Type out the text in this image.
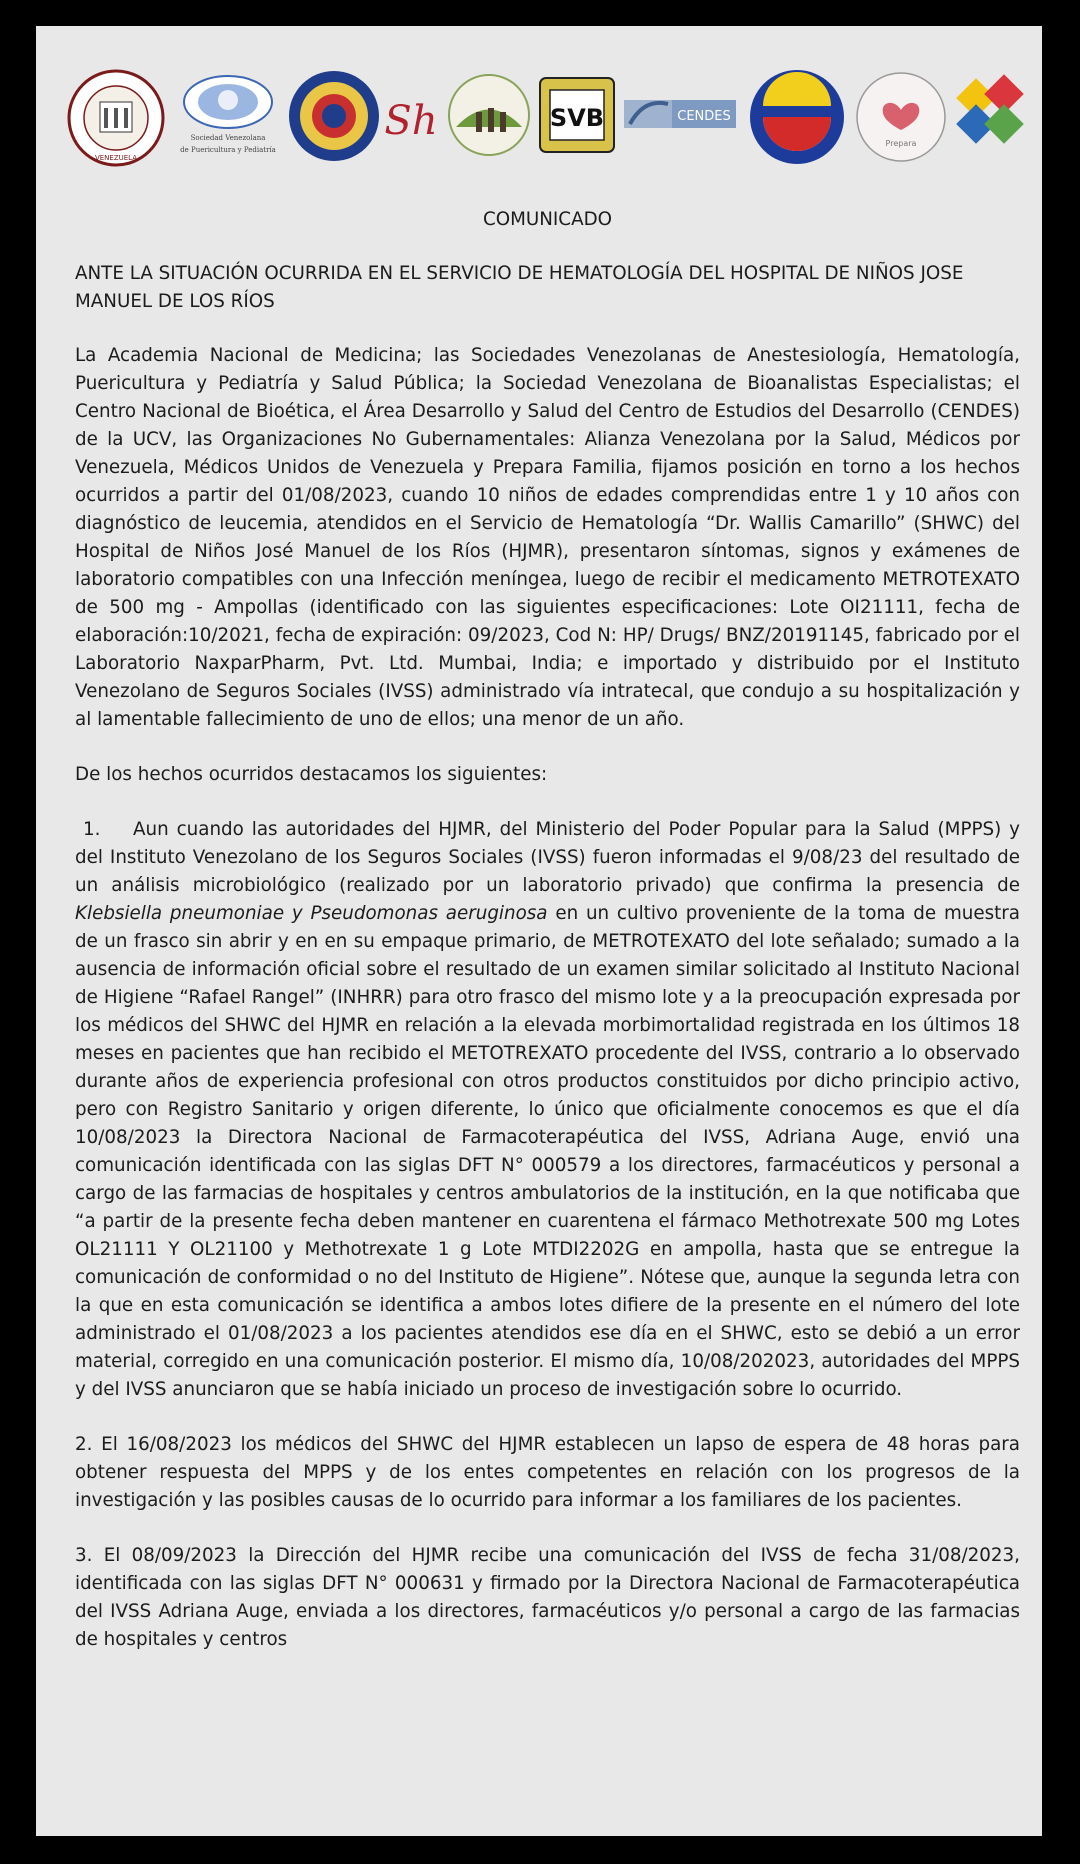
VENEZUELA
Sociedad Venezolana
de Puericultura y Pediatría
Sh	SVB	CENDES
Prepara

COMUNICADO

ANTE LA SITUACIÓN OCURRIDA EN EL SERVICIO DE HEMATOLOGÍA DEL HOSPITAL DE NIÑOS JOSE MANUEL DE LOS RÍOS

La Academia Nacional de Medicina; las Sociedades Venezolanas de Anestesiología, Hematología, Puericultura y Pediatría y Salud Pública; la Sociedad Venezolana de Bioanalistas Especialistas; el Centro Nacional de Bioética, el Área Desarrollo y Salud del Centro de Estudios del Desarrollo (CENDES) de la UCV, las Organizaciones No Gubernamentales: Alianza Venezolana por la Salud, Médicos por Venezuela, Médicos Unidos de Venezuela y Prepara Familia, fijamos posición en torno a los hechos ocurridos a partir del 01/08/2023, cuando 10 niños de edades comprendidas entre 1 y 10 años con diagnóstico de leucemia, atendidos en el Servicio de Hematología “Dr. Wallis Camarillo” (SHWC) del Hospital de Niños José Manuel de los Ríos (HJMR), presentaron síntomas, signos y exámenes de laboratorio compatibles con una Infección meníngea, luego de recibir el medicamento METROTEXATO de 500 mg - Ampollas (identificado con las siguientes especificaciones: Lote OI21111, fecha de elaboración:10/2021, fecha de expiración: 09/2023, Cod N: HP/ Drugs/ BNZ/20191145, fabricado por el Laboratorio NaxparPharm, Pvt. Ltd. Mumbai, India; e importado y distribuido por el Instituto Venezolano de Seguros Sociales (IVSS) administrado vía intratecal, que condujo a su hospitalización y al lamentable fallecimiento de uno de ellos; una menor de un año.

De los hechos ocurridos destacamos los siguientes:

1. Aun cuando las autoridades del HJMR, del Ministerio del Poder Popular para la Salud (MPPS) y del Instituto Venezolano de los Seguros Sociales (IVSS) fueron informadas el 9/08/23 del resultado de un análisis microbiológico (realizado por un laboratorio privado) que confirma la presencia de Klebsiella pneumoniae y Pseudomonas aeruginosa en un cultivo proveniente de la toma de muestra de un frasco sin abrir y en en su empaque primario, de METROTEXATO del lote señalado; sumado a la ausencia de información oficial sobre el resultado de un examen similar solicitado al Instituto Nacional de Higiene “Rafael Rangel” (INHRR) para otro frasco del mismo lote y a la preocupación expresada por los médicos del SHWC del HJMR en relación a la elevada morbimortalidad registrada en los últimos 18 meses en pacientes que han recibido el METOTREXATO procedente del IVSS, contrario a lo observado durante años de experiencia profesional con otros productos constituidos por dicho principio activo, pero con Registro Sanitario y origen diferente, lo único que oficialmente conocemos es que el día 10/08/2023 la Directora Nacional de Farmacoterapéutica del IVSS, Adriana Auge, envió una comunicación identificada con las siglas DFT N° 000579 a los directores, farmacéuticos y personal a cargo de las farmacias de hospitales y centros ambulatorios de la institución, en la que notificaba que “a partir de la presente fecha deben mantener en cuarentena el fármaco Methotrexate 500 mg Lotes OL21111 Y OL21100 y Methotrexate 1 g Lote MTDI2202G en ampolla, hasta que se entregue la comunicación de conformidad o no del Instituto de Higiene”. Nótese que, aunque la segunda letra con la que en esta comunicación se identifica a ambos lotes difiere de la presente en el número del lote administrado el 01/08/2023 a los pacientes atendidos ese día en el SHWC, esto se debió a un error material, corregido en una comunicación posterior. El mismo día, 10/08/202023, autoridades del MPPS y del IVSS anunciaron que se había iniciado un proceso de investigación sobre lo ocurrido.

2. El 16/08/2023 los médicos del SHWC del HJMR establecen un lapso de espera de 48 horas para obtener respuesta del MPPS y de los entes competentes en relación con los progresos de la investigación y las posibles causas de lo ocurrido para informar a los familiares de los pacientes.

3. El 08/09/2023 la Dirección del HJMR recibe una comunicación del IVSS de fecha 31/08/2023, identificada con las siglas DFT N° 000631 y firmado por la Directora Nacional de Farmacoterapéutica del IVSS Adriana Auge, enviada a los directores, farmacéuticos y/o personal a cargo de las farmacias de hospitales y centros
